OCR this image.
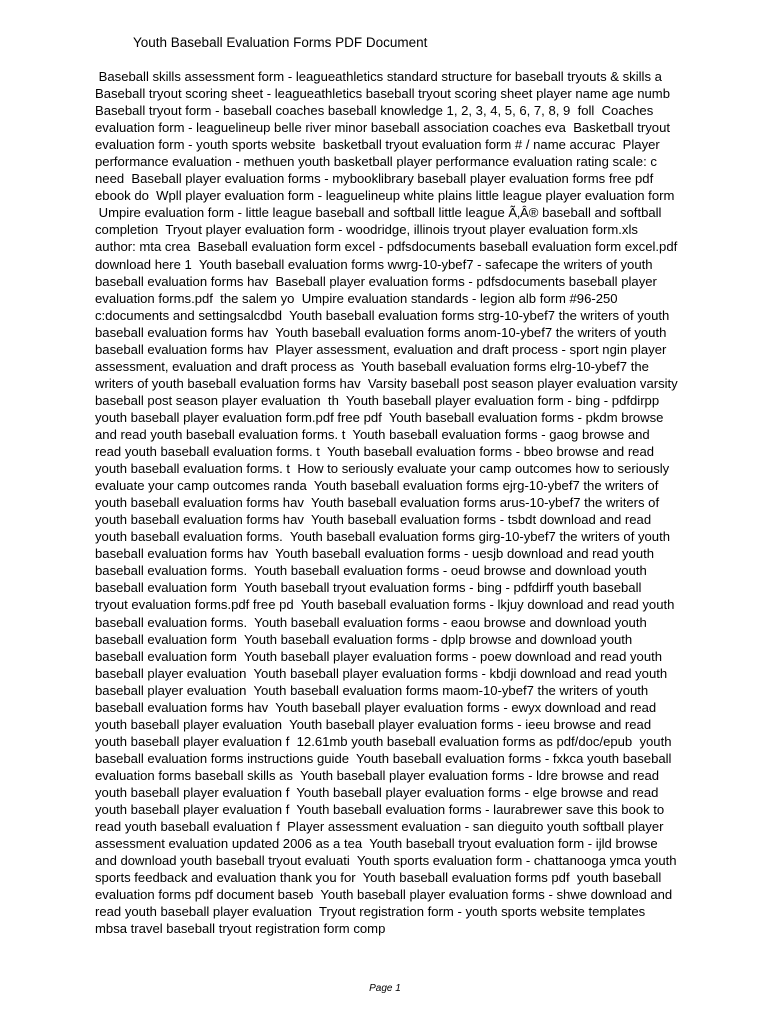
Youth Baseball Evaluation Forms PDF Document
Baseball skills assessment form - leagueathletics standard structure for baseball tryouts & skills a
Baseball tryout scoring sheet - leagueathletics baseball tryout scoring sheet player name age numb
Baseball tryout form - baseball coaches baseball knowledge 1, 2, 3, 4, 5, 6, 7, 8, 9  foll  Coaches
evaluation form - leaguelineup belle river minor baseball association coaches eva  Basketball tryout
evaluation form - youth sports website  basketball tryout evaluation form # / name accurac  Player
performance evaluation - methuen youth basketball player performance evaluation rating scale: c
need  Baseball player evaluation forms - mybooklibrary baseball player evaluation forms free pdf
ebook do  Wpll player evaluation form - leaguelineup white plains little league player evaluation form
Umpire evaluation form - little league baseball and softball little league Ã‚Â® baseball and softball
completion  Tryout player evaluation form - woodridge, illinois tryout player evaluation form.xls
author: mta crea  Baseball evaluation form excel - pdfsdocuments baseball evaluation form excel.pdf
download here 1  Youth baseball evaluation forms wwrg-10-ybef7 - safecape the writers of youth
baseball evaluation forms hav  Baseball player evaluation forms - pdfsdocuments baseball player
evaluation forms.pdf  the salem yo  Umpire evaluation standards - legion alb form #96-250
c:documents and settingsalcdbd  Youth baseball evaluation forms strg-10-ybef7 the writers of youth
baseball evaluation forms hav  Youth baseball evaluation forms anom-10-ybef7 the writers of youth
baseball evaluation forms hav  Player assessment, evaluation and draft process - sport ngin player
assessment, evaluation and draft process as  Youth baseball evaluation forms elrg-10-ybef7 the
writers of youth baseball evaluation forms hav  Varsity baseball post season player evaluation varsity
baseball post season player evaluation  th  Youth baseball player evaluation form - bing - pdfdirpp
youth baseball player evaluation form.pdf free pdf  Youth baseball evaluation forms - pkdm browse
and read youth baseball evaluation forms. t  Youth baseball evaluation forms - gaog browse and
read youth baseball evaluation forms. t  Youth baseball evaluation forms - bbeo browse and read
youth baseball evaluation forms. t  How to seriously evaluate your camp outcomes how to seriously
evaluate your camp outcomes randa  Youth baseball evaluation forms ejrg-10-ybef7 the writers of
youth baseball evaluation forms hav  Youth baseball evaluation forms arus-10-ybef7 the writers of
youth baseball evaluation forms hav  Youth baseball evaluation forms - tsbdt download and read
youth baseball evaluation forms.  Youth baseball evaluation forms girg-10-ybef7 the writers of youth
baseball evaluation forms hav  Youth baseball evaluation forms - uesjb download and read youth
baseball evaluation forms.  Youth baseball evaluation forms - oeud browse and download youth
baseball evaluation form  Youth baseball tryout evaluation forms - bing - pdfdirff youth baseball
tryout evaluation forms.pdf free pd  Youth baseball evaluation forms - lkjuy download and read youth
baseball evaluation forms.  Youth baseball evaluation forms - eaou browse and download youth
baseball evaluation form  Youth baseball evaluation forms - dplp browse and download youth
baseball evaluation form  Youth baseball player evaluation forms - poew download and read youth
baseball player evaluation  Youth baseball player evaluation forms - kbdji download and read youth
baseball player evaluation  Youth baseball evaluation forms maom-10-ybef7 the writers of youth
baseball evaluation forms hav  Youth baseball player evaluation forms - ewyx download and read
youth baseball player evaluation  Youth baseball player evaluation forms - ieeu browse and read
youth baseball player evaluation f  12.61mb youth baseball evaluation forms as pdf/doc/epub  youth
baseball evaluation forms instructions guide  Youth baseball evaluation forms - fxkca youth baseball
evaluation forms baseball skills as  Youth baseball player evaluation forms - ldre browse and read
youth baseball player evaluation f  Youth baseball player evaluation forms - elge browse and read
youth baseball player evaluation f  Youth baseball evaluation forms - laurabrewer save this book to
read youth baseball evaluation f  Player assessment evaluation - san dieguito youth softball player
assessment evaluation updated 2006 as a tea  Youth baseball tryout evaluation form - ijld browse
and download youth baseball tryout evaluati  Youth sports evaluation form - chattanooga ymca youth
sports feedback and evaluation thank you for  Youth baseball evaluation forms pdf  youth baseball
evaluation forms pdf document baseb  Youth baseball player evaluation forms - shwe download and
read youth baseball player evaluation  Tryout registration form - youth sports website templates
mbsa travel baseball tryout registration form comp
Page 1
